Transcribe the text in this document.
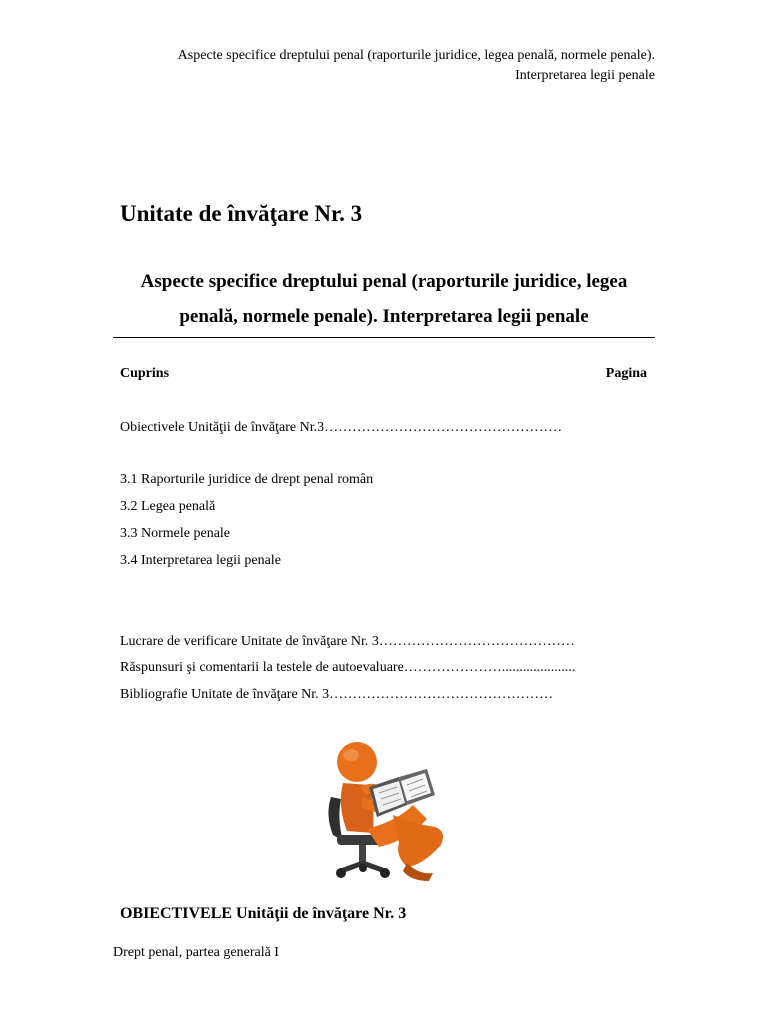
Aspecte specifice dreptului penal (raporturile juridice, legea penală, normele penale).
Interpretarea legii penale
Unitate de învăţare Nr. 3
Aspecte specifice dreptului penal (raporturile juridice, legea
penală, normele penale). Interpretarea legii penale
Cuprins	Pagina
Obiectivele Unităţii de învăţare Nr.3……………………………………………
3.1 Raporturile juridice de drept penal român
3.2 Legea penală
3.3 Normele penale
3.4 Interpretarea legii penale
Lucrare de verificare Unitate de învăţare Nr. 3……………………………………
Răspunsuri şi comentarii la testele de autoevaluare………………….....................
Bibliografie Unitate de învăţare Nr. 3…………………………………………
OBIECTIVELE Unităţii de învăţare Nr. 3
Drept penal, partea generală I
